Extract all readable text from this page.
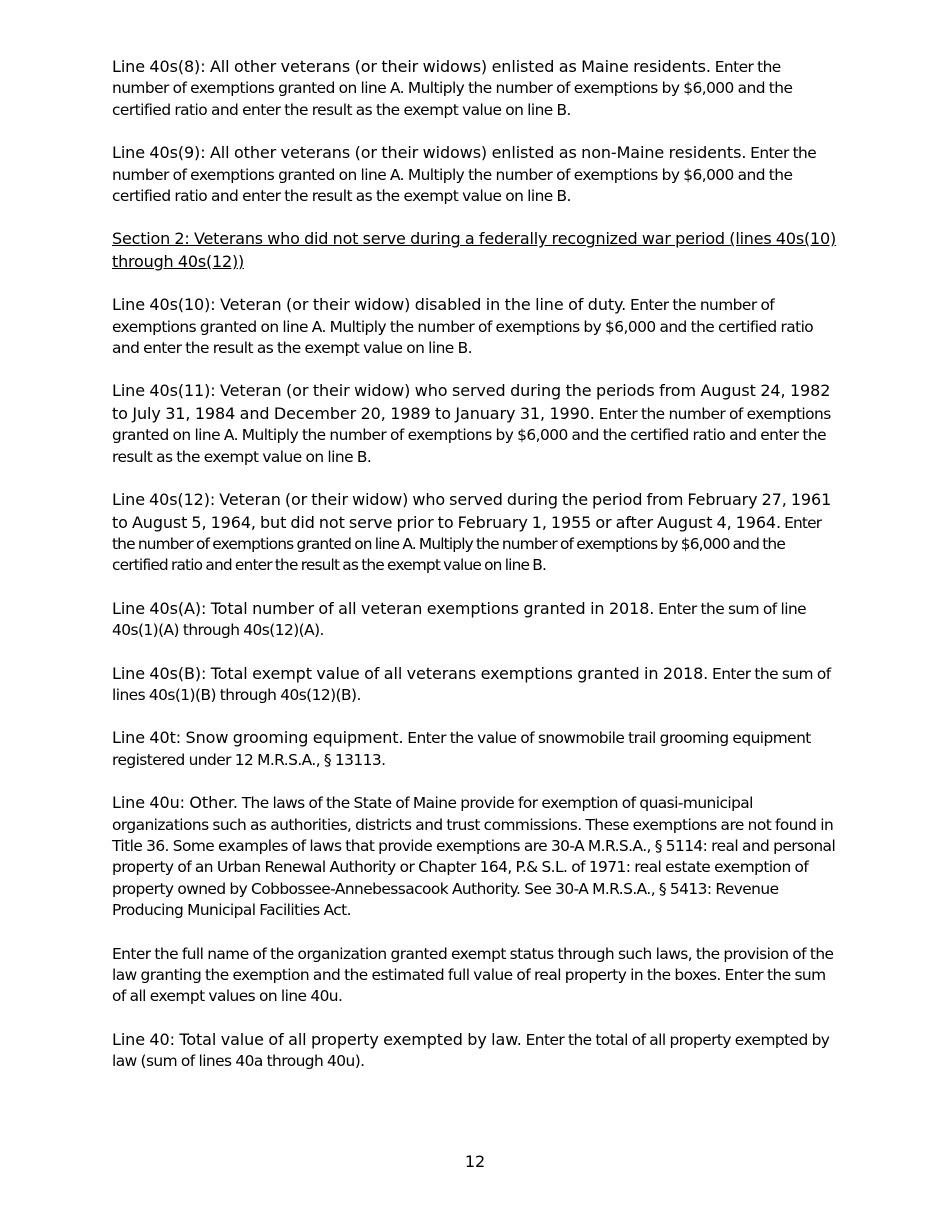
Line 40s(8): All other veterans (or their widows) enlisted as Maine residents. Enter the number of exemptions granted on line A. Multiply the number of exemptions by $6,000 and the certified ratio and enter the result as the exempt value on line B.

Line 40s(9): All other veterans (or their widows) enlisted as non-Maine residents. Enter the number of exemptions granted on line A. Multiply the number of exemptions by $6,000 and the certified ratio and enter the result as the exempt value on line B.

Section 2: Veterans who did not serve during a federally recognized war period (lines 40s(10) through 40s(12))

Line 40s(10): Veteran (or their widow) disabled in the line of duty. Enter the number of exemptions granted on line A. Multiply the number of exemptions by $6,000 and the certified ratio and enter the result as the exempt value on line B.

Line 40s(11): Veteran (or their widow) who served during the periods from August 24, 1982 to July 31, 1984 and December 20, 1989 to January 31, 1990. Enter the number of exemptions granted on line A. Multiply the number of exemptions by $6,000 and the certified ratio and enter the result as the exempt value on line B.

Line 40s(12): Veteran (or their widow) who served during the period from February 27, 1961 to August 5, 1964, but did not serve prior to February 1, 1955 or after August 4, 1964. Enter the number of exemptions granted on line A. Multiply the number of exemptions by $6,000 and the certified ratio and enter the result as the exempt value on line B.

Line 40s(A): Total number of all veteran exemptions granted in 2018. Enter the sum of line 40s(1)(A) through 40s(12)(A).

Line 40s(B): Total exempt value of all veterans exemptions granted in 2018. Enter the sum of lines 40s(1)(B) through 40s(12)(B).

Line 40t: Snow grooming equipment. Enter the value of snowmobile trail grooming equipment registered under 12 M.R.S.A., § 13113.

Line 40u: Other. The laws of the State of Maine provide for exemption of quasi-municipal organizations such as authorities, districts and trust commissions. These exemptions are not found in Title 36. Some examples of laws that provide exemptions are 30-A M.R.S.A., § 5114: real and personal property of an Urban Renewal Authority or Chapter 164, P.& S.L. of 1971: real estate exemption of property owned by Cobbossee-Annebessacook Authority. See 30-A M.R.S.A., § 5413: Revenue Producing Municipal Facilities Act.

Enter the full name of the organization granted exempt status through such laws, the provision of the law granting the exemption and the estimated full value of real property in the boxes. Enter the sum of all exempt values on line 40u.

Line 40: Total value of all property exempted by law. Enter the total of all property exempted by law (sum of lines 40a through 40u).

12
